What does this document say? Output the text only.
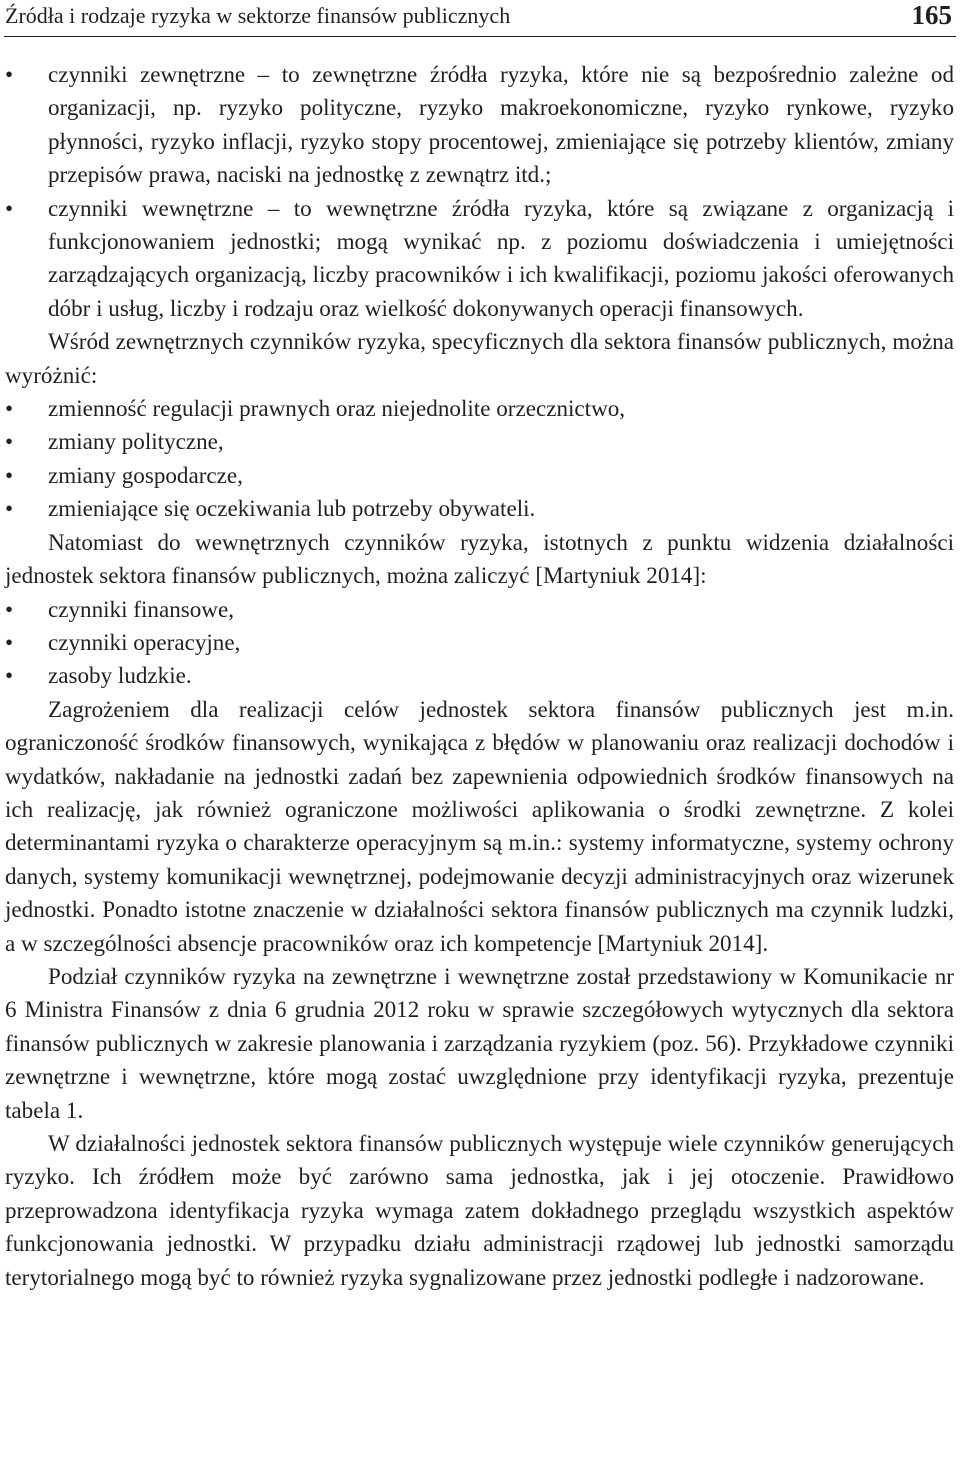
Źródła i rodzaje ryzyka w sektorze finansów publicznych	165
• czynniki zewnętrzne – to zewnętrzne źródła ryzyka, które nie są bezpośrednio zależne od organizacji, np. ryzyko polityczne, ryzyko makroekonomiczne, ryzyko rynkowe, ryzyko płynności, ryzyko inflacji, ryzyko stopy procentowej, zmieniające się potrzeby klientów, zmiany przepisów prawa, naciski na jednostkę z zewnątrz itd.;
• czynniki wewnętrzne – to wewnętrzne źródła ryzyka, które są związane z organizacją i funkcjonowaniem jednostki; mogą wynikać np. z poziomu doświadczenia i umiejętności zarządzających organizacją, liczby pracowników i ich kwalifikacji, poziomu jakości oferowanych dóbr i usług, liczby i rodzaju oraz wielkość dokonywanych operacji finansowych.

Wśród zewnętrznych czynników ryzyka, specyficznych dla sektora finansów publicznych, można wyróżnić:

• zmienność regulacji prawnych oraz niejednolite orzecznictwo,
• zmiany polityczne,
• zmiany gospodarcze,
• zmieniające się oczekiwania lub potrzeby obywateli.

Natomiast do wewnętrznych czynników ryzyka, istotnych z punktu widzenia działalności jednostek sektora finansów publicznych, można zaliczyć [Martyniuk 2014]:

• czynniki finansowe,
• czynniki operacyjne,
• zasoby ludzkie.

Zagrożeniem dla realizacji celów jednostek sektora finansów publicznych jest m.in. ograniczoność środków finansowych, wynikająca z błędów w planowaniu oraz realizacji dochodów i wydatków, nakładanie na jednostki zadań bez zapewnienia odpowiednich środków finansowych na ich realizację, jak również ograniczone możliwości aplikowania o środki zewnętrzne. Z kolei determinantami ryzyka o charakterze operacyjnym są m.in.: systemy informatyczne, systemy ochrony danych, systemy komunikacji wewnętrznej, podejmowanie decyzji administracyjnych oraz wizerunek jednostki. Ponadto istotne znaczenie w działalności sektora finansów publicznych ma czynnik ludzki, a w szczególności absencje pracowników oraz ich kompetencje [Martyniuk 2014].

Podział czynników ryzyka na zewnętrzne i wewnętrzne został przedstawiony w Komunikacie nr 6 Ministra Finansów z dnia 6 grudnia 2012 roku w sprawie szczegółowych wytycznych dla sektora finansów publicznych w zakresie planowania i zarządzania ryzykiem (poz. 56). Przykładowe czynniki zewnętrzne i wewnętrzne, które mogą zostać uwzględnione przy identyfikacji ryzyka, prezentuje tabela 1.

W działalności jednostek sektora finansów publicznych występuje wiele czynników generujących ryzyko. Ich źródłem może być zarówno sama jednostka, jak i jej otoczenie. Prawidłowo przeprowadzona identyfikacja ryzyka wymaga zatem dokładnego przeglądu wszystkich aspektów funkcjonowania jednostki. W przypadku działu administracji rządowej lub jednostki samorządu terytorialnego mogą być to również ryzyka sygnalizowane przez jednostki podległe i nadzorowane.
